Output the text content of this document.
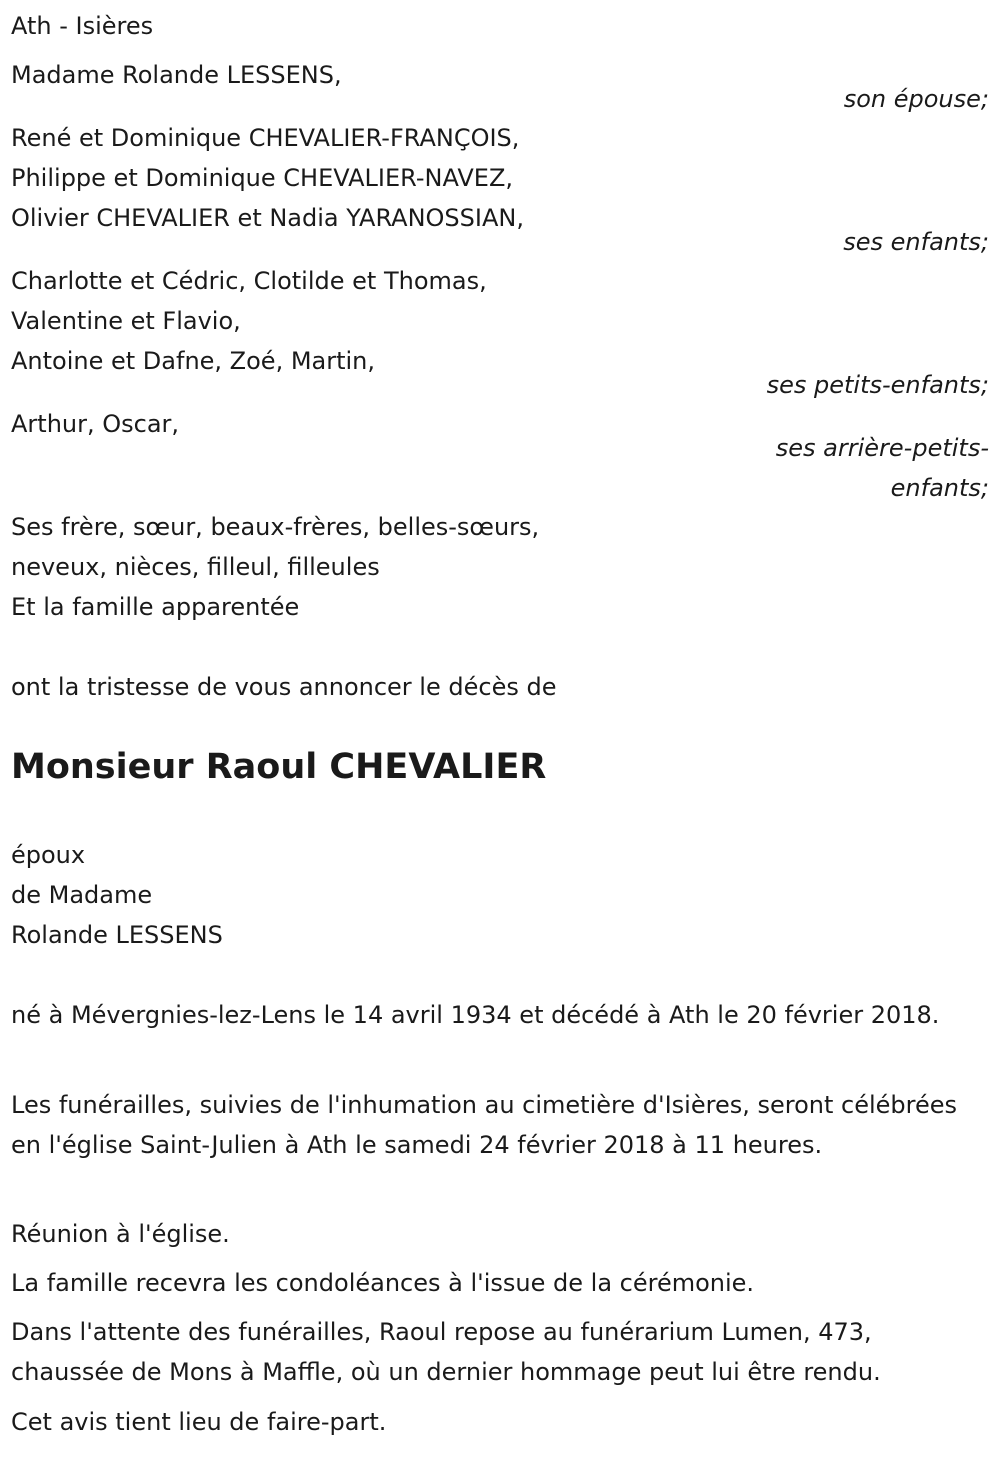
Ath - Isières
Madame Rolande LESSENS,
son épouse;
René et Dominique CHEVALIER-FRANÇOIS,
Philippe et Dominique CHEVALIER-NAVEZ,
Olivier CHEVALIER et Nadia YARANOSSIAN,
ses enfants;
Charlotte et Cédric, Clotilde et Thomas,
Valentine et Flavio,
Antoine et Dafne, Zoé, Martin,
ses petits-enfants;
Arthur, Oscar,
ses arrière-petits-
enfants;
Ses frère, sœur, beaux-frères, belles-sœurs,
neveux, nièces, filleul, filleules
Et la famille apparentée
ont la tristesse de vous annoncer le décès de
Monsieur Raoul CHEVALIER
époux
de Madame
Rolande LESSENS
né à Mévergnies-lez-Lens le 14 avril 1934 et décédé à Ath le 20 février 2018.
Les funérailles, suivies de l'inhumation au cimetière d'Isières, seront célébrées en l'église Saint-Julien à Ath le samedi 24 février 2018 à 11 heures.
Réunion à l'église.
La famille recevra les condoléances à l'issue de la cérémonie.
Dans l'attente des funérailles, Raoul repose au funérarium Lumen, 473, chaussée de Mons à Maffle, où un dernier hommage peut lui être rendu.
Cet avis tient lieu de faire-part.
